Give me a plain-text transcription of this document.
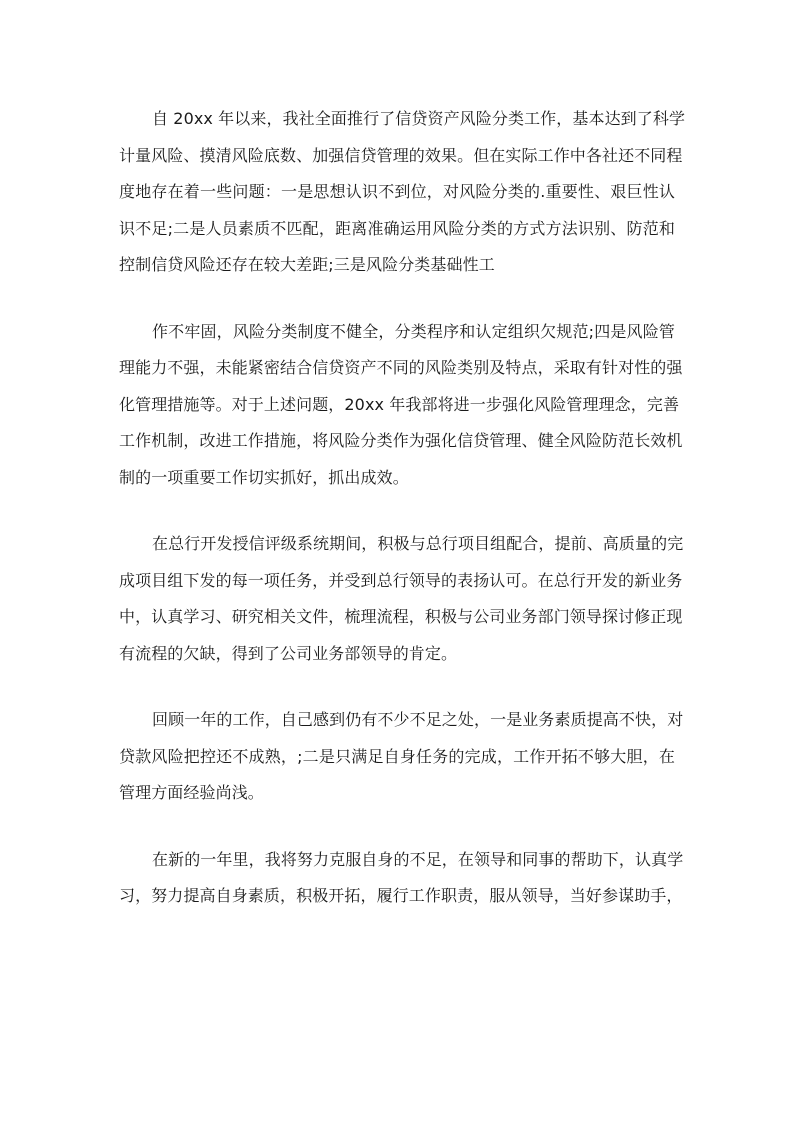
自 20xx 年以来，我社全面推行了信贷资产风险分类工作，基本达到了科学
计量风险、摸清风险底数、加强信贷管理的效果。但在实际工作中各社还不同程
度地存在着一些问题：一是思想认识不到位，对风险分类的.重要性、艰巨性认
识不足;二是人员素质不匹配，距离准确运用风险分类的方式方法识别、防范和
控制信贷风险还存在较大差距;三是风险分类基础性工
作不牢固，风险分类制度不健全，分类程序和认定组织欠规范;四是风险管
理能力不强，未能紧密结合信贷资产不同的风险类别及特点，采取有针对性的强
化管理措施等。对于上述问题，20xx 年我部将进一步强化风险管理理念，完善
工作机制，改进工作措施，将风险分类作为强化信贷管理、健全风险防范长效机
制的一项重要工作切实抓好，抓出成效。
在总行开发授信评级系统期间，积极与总行项目组配合，提前、高质量的完
成项目组下发的每一项任务，并受到总行领导的表扬认可。在总行开发的新业务
中，认真学习、研究相关文件，梳理流程，积极与公司业务部门领导探讨修正现
有流程的欠缺，得到了公司业务部领导的肯定。
回顾一年的工作，自己感到仍有不少不足之处，一是业务素质提高不快，对
贷款风险把控还不成熟，;二是只满足自身任务的完成，工作开拓不够大胆，在
管理方面经验尚浅。
在新的一年里，我将努力克服自身的不足，在领导和同事的帮助下，认真学
习，努力提高自身素质，积极开拓，履行工作职责，服从领导，当好参谋助手，
